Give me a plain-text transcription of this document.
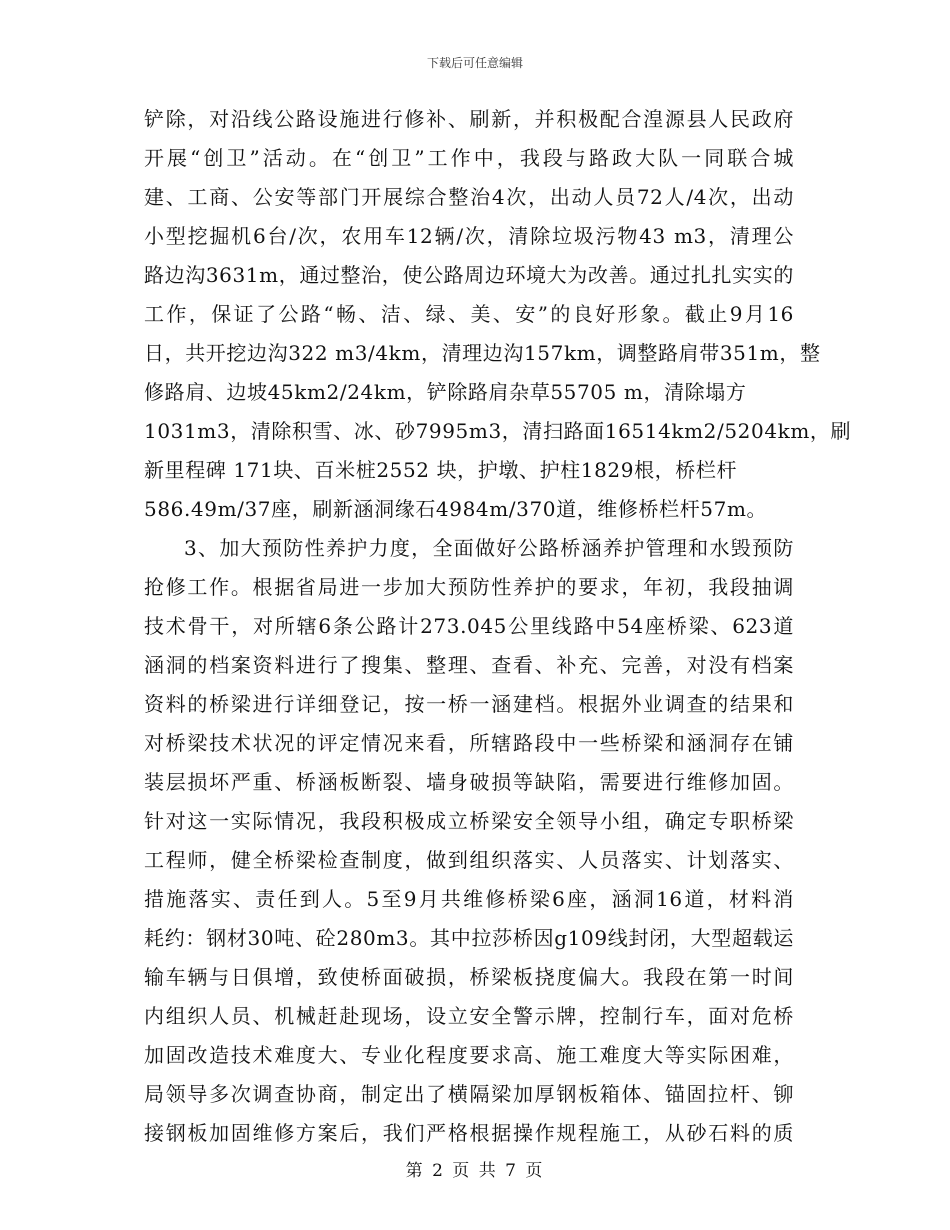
下载后可任意编辑
铲除，对沿线公路设施进行修补、刷新，并积极配合湟源县人民政府
开展“创卫”活动。在“创卫”工作中，我段与路政大队一同联合城
建、工商、公安等部门开展综合整治4次，出动人员72人/4次，出动
小型挖掘机6台/次，农用车12辆/次，清除垃圾污物43 m3，清理公
路边沟3631m，通过整治，使公路周边环境大为改善。通过扎扎实实的
工作，保证了公路“畅、洁、绿、美、安”的良好形象。截止9月16
日，共开挖边沟322 m3/4km，清理边沟157km，调整路肩带351m，整
修路肩、边坡45km2/24km，铲除路肩杂草55705 m，清除塌方
1031m3，清除积雪、冰、砂7995m3，清扫路面16514km2/5204km，刷
新里程碑 171块、百米桩2552 块，护墩、护柱1829根，桥栏杆
586.49m/37座，刷新涵洞缘石4984m/370道，维修桥栏杆57m。
3、加大预防性养护力度，全面做好公路桥涵养护管理和水毁预防
抢修工作。根据省局进一步加大预防性养护的要求，年初，我段抽调
技术骨干，对所辖6条公路计273.045公里线路中54座桥梁、623道
涵洞的档案资料进行了搜集、整理、查看、补充、完善，对没有档案
资料的桥梁进行详细登记，按一桥一涵建档。根据外业调查的结果和
对桥梁技术状况的评定情况来看，所辖路段中一些桥梁和涵洞存在铺
装层损坏严重、桥涵板断裂、墙身破损等缺陷，需要进行维修加固。
针对这一实际情况，我段积极成立桥梁安全领导小组，确定专职桥梁
工程师，健全桥梁检查制度，做到组织落实、人员落实、计划落实、
措施落实、责任到人。5至9月共维修桥梁6座，涵洞16道，材料消
耗约：钢材30吨、砼280m3。其中拉莎桥因g109线封闭，大型超载运
输车辆与日俱增，致使桥面破损，桥梁板挠度偏大。我段在第一时间
内组织人员、机械赶赴现场，设立安全警示牌，控制行车，面对危桥
加固改造技术难度大、专业化程度要求高、施工难度大等实际困难，
局领导多次调查协商，制定出了横隔梁加厚钢板箱体、锚固拉杆、铆
接钢板加固维修方案后，我们严格根据操作规程施工，从砂石料的质
第 2 页 共 7 页
